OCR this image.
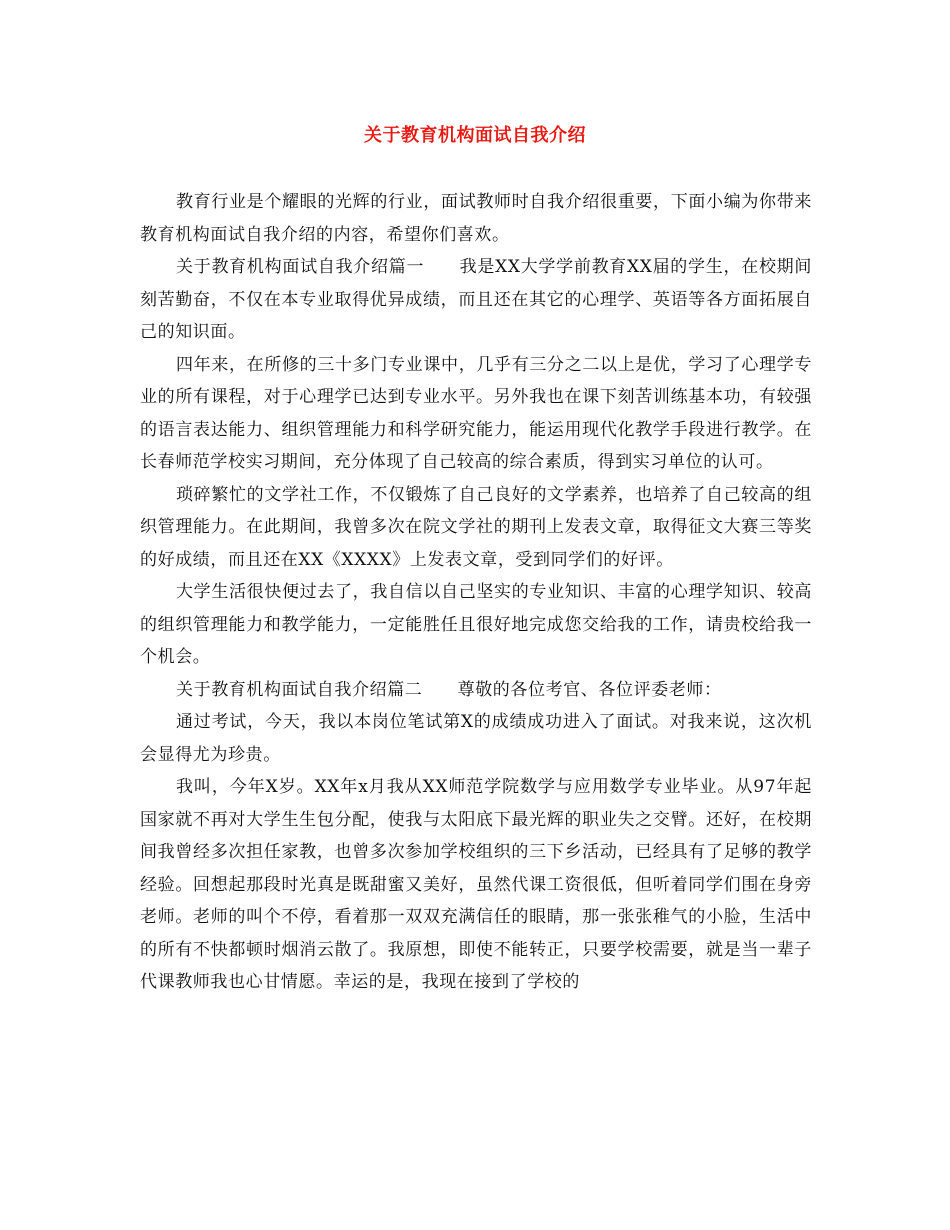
关于教育机构面试自我介绍

教育行业是个耀眼的光辉的行业，面试教师时自我介绍很重要，下面小编为你带来教育机构面试自我介绍的内容，希望你们喜欢。

关于教育机构面试自我介绍篇一　　我是XX大学学前教育XX届的学生，在校期间刻苦勤奋，不仅在本专业取得优异成绩，而且还在其它的心理学、英语等各方面拓展自己的知识面。

四年来，在所修的三十多门专业课中，几乎有三分之二以上是优，学习了心理学专业的所有课程，对于心理学已达到专业水平。另外我也在课下刻苦训练基本功，有较强的语言表达能力、组织管理能力和科学研究能力，能运用现代化教学手段进行教学。在长春师范学校实习期间，充分体现了自己较高的综合素质，得到实习单位的认可。

琐碎繁忙的文学社工作，不仅锻炼了自己良好的文学素养，也培养了自己较高的组织管理能力。在此期间，我曾多次在院文学社的期刊上发表文章，取得征文大赛三等奖的好成绩，而且还在XX《XXXX》上发表文章，受到同学们的好评。

大学生活很快便过去了，我自信以自己坚实的专业知识、丰富的心理学知识、较高的组织管理能力和教学能力，一定能胜任且很好地完成您交给我的工作，请贵校给我一个机会。

关于教育机构面试自我介绍篇二　　尊敬的各位考官、各位评委老师：

通过考试，今天，我以本岗位笔试第X的成绩成功进入了面试。对我来说，这次机会显得尤为珍贵。

我叫，今年X岁。XX年x月我从XX师范学院数学与应用数学专业毕业。从97年起国家就不再对大学生生包分配，使我与太阳底下最光辉的职业失之交臂。还好，在校期间我曾经多次担任家教，也曾多次参加学校组织的三下乡活动，已经具有了足够的教学经验。回想起那段时光真是既甜蜜又美好，虽然代课工资很低，但听着同学们围在身旁老师。老师的叫个不停，看着那一双双充满信任的眼睛，那一张张稚气的小脸，生活中的所有不快都顿时烟消云散了。我原想，即使不能转正，只要学校需要，就是当一辈子代课教师我也心甘情愿。幸运的是，我现在接到了学校的
